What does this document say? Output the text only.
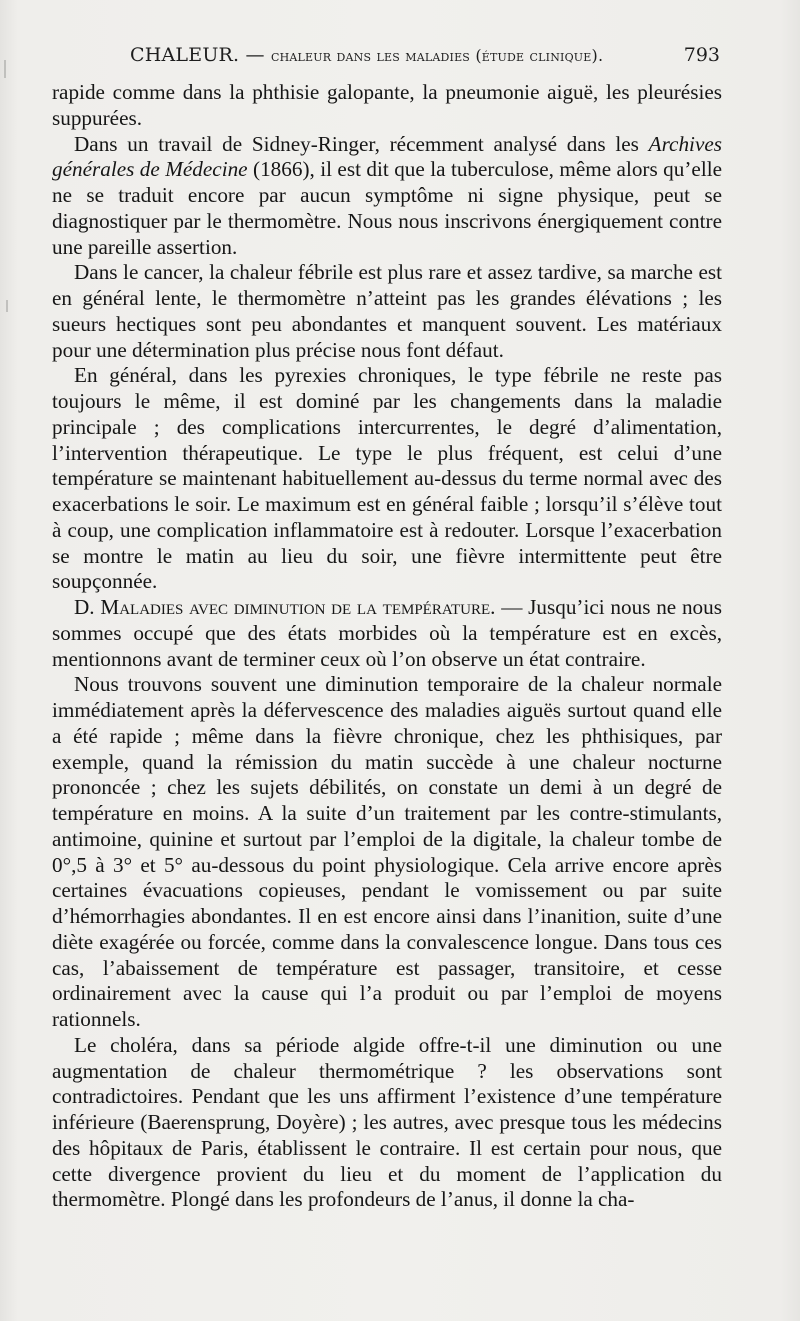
CHALEUR. — chaleur dans les maladies (étude clinique).	793

rapide comme dans la phthisie galopante, la pneumonie aiguë, les pleurésies suppurées.

Dans un travail de Sidney-Ringer, récemment analysé dans les Archives générales de Médecine (1866), il est dit que la tuberculose, même alors qu’elle ne se traduit encore par aucun symptôme ni signe physique, peut se diagnostiquer par le thermomètre. Nous nous inscrivons énergiquement contre une pareille assertion.

Dans le cancer, la chaleur fébrile est plus rare et assez tardive, sa marche est en général lente, le thermomètre n’atteint pas les grandes élévations ; les sueurs hectiques sont peu abondantes et manquent souvent. Les matériaux pour une détermination plus précise nous font défaut.

En général, dans les pyrexies chroniques, le type fébrile ne reste pas toujours le même, il est dominé par les changements dans la maladie principale ; des complications intercurrentes, le degré d’alimentation, l’intervention thérapeutique. Le type le plus fréquent, est celui d’une température se maintenant habituellement au-dessus du terme normal avec des exacerbations le soir. Le maximum est en général faible ; lorsqu’il s’élève tout à coup, une complication inflammatoire est à redouter. Lorsque l’exacerbation se montre le matin au lieu du soir, une fièvre intermittente peut être soupçonnée.

D. Maladies avec diminution de la température. — Jusqu’ici nous ne nous sommes occupé que des états morbides où la température est en excès, mentionnons avant de terminer ceux où l’on observe un état contraire.

Nous trouvons souvent une diminution temporaire de la chaleur normale immédiatement après la défervescence des maladies aiguës surtout quand elle a été rapide ; même dans la fièvre chronique, chez les phthisiques, par exemple, quand la rémission du matin succède à une chaleur nocturne prononcée ; chez les sujets débilités, on constate un demi à un degré de température en moins. A la suite d’un traitement par les contre-stimulants, antimoine, quinine et surtout par l’emploi de la digitale, la chaleur tombe de 0°,5 à 3° et 5° au-dessous du point physiologique. Cela arrive encore après certaines évacuations copieuses, pendant le vomissement ou par suite d’hémorrhagies abondantes. Il en est encore ainsi dans l’inanition, suite d’une diète exagérée ou forcée, comme dans la convalescence longue. Dans tous ces cas, l’abaissement de température est passager, transitoire, et cesse ordinairement avec la cause qui l’a produit ou par l’emploi de moyens rationnels.

Le choléra, dans sa période algide offre-t-il une diminution ou une augmentation de chaleur thermométrique ? les observations sont contradictoires. Pendant que les uns affirment l’existence d’une température inférieure (Baerensprung, Doyère) ; les autres, avec presque tous les médecins des hôpitaux de Paris, établissent le contraire. Il est certain pour nous, que cette divergence provient du lieu et du moment de l’application du thermomètre. Plongé dans les profondeurs de l’anus, il donne la cha-
